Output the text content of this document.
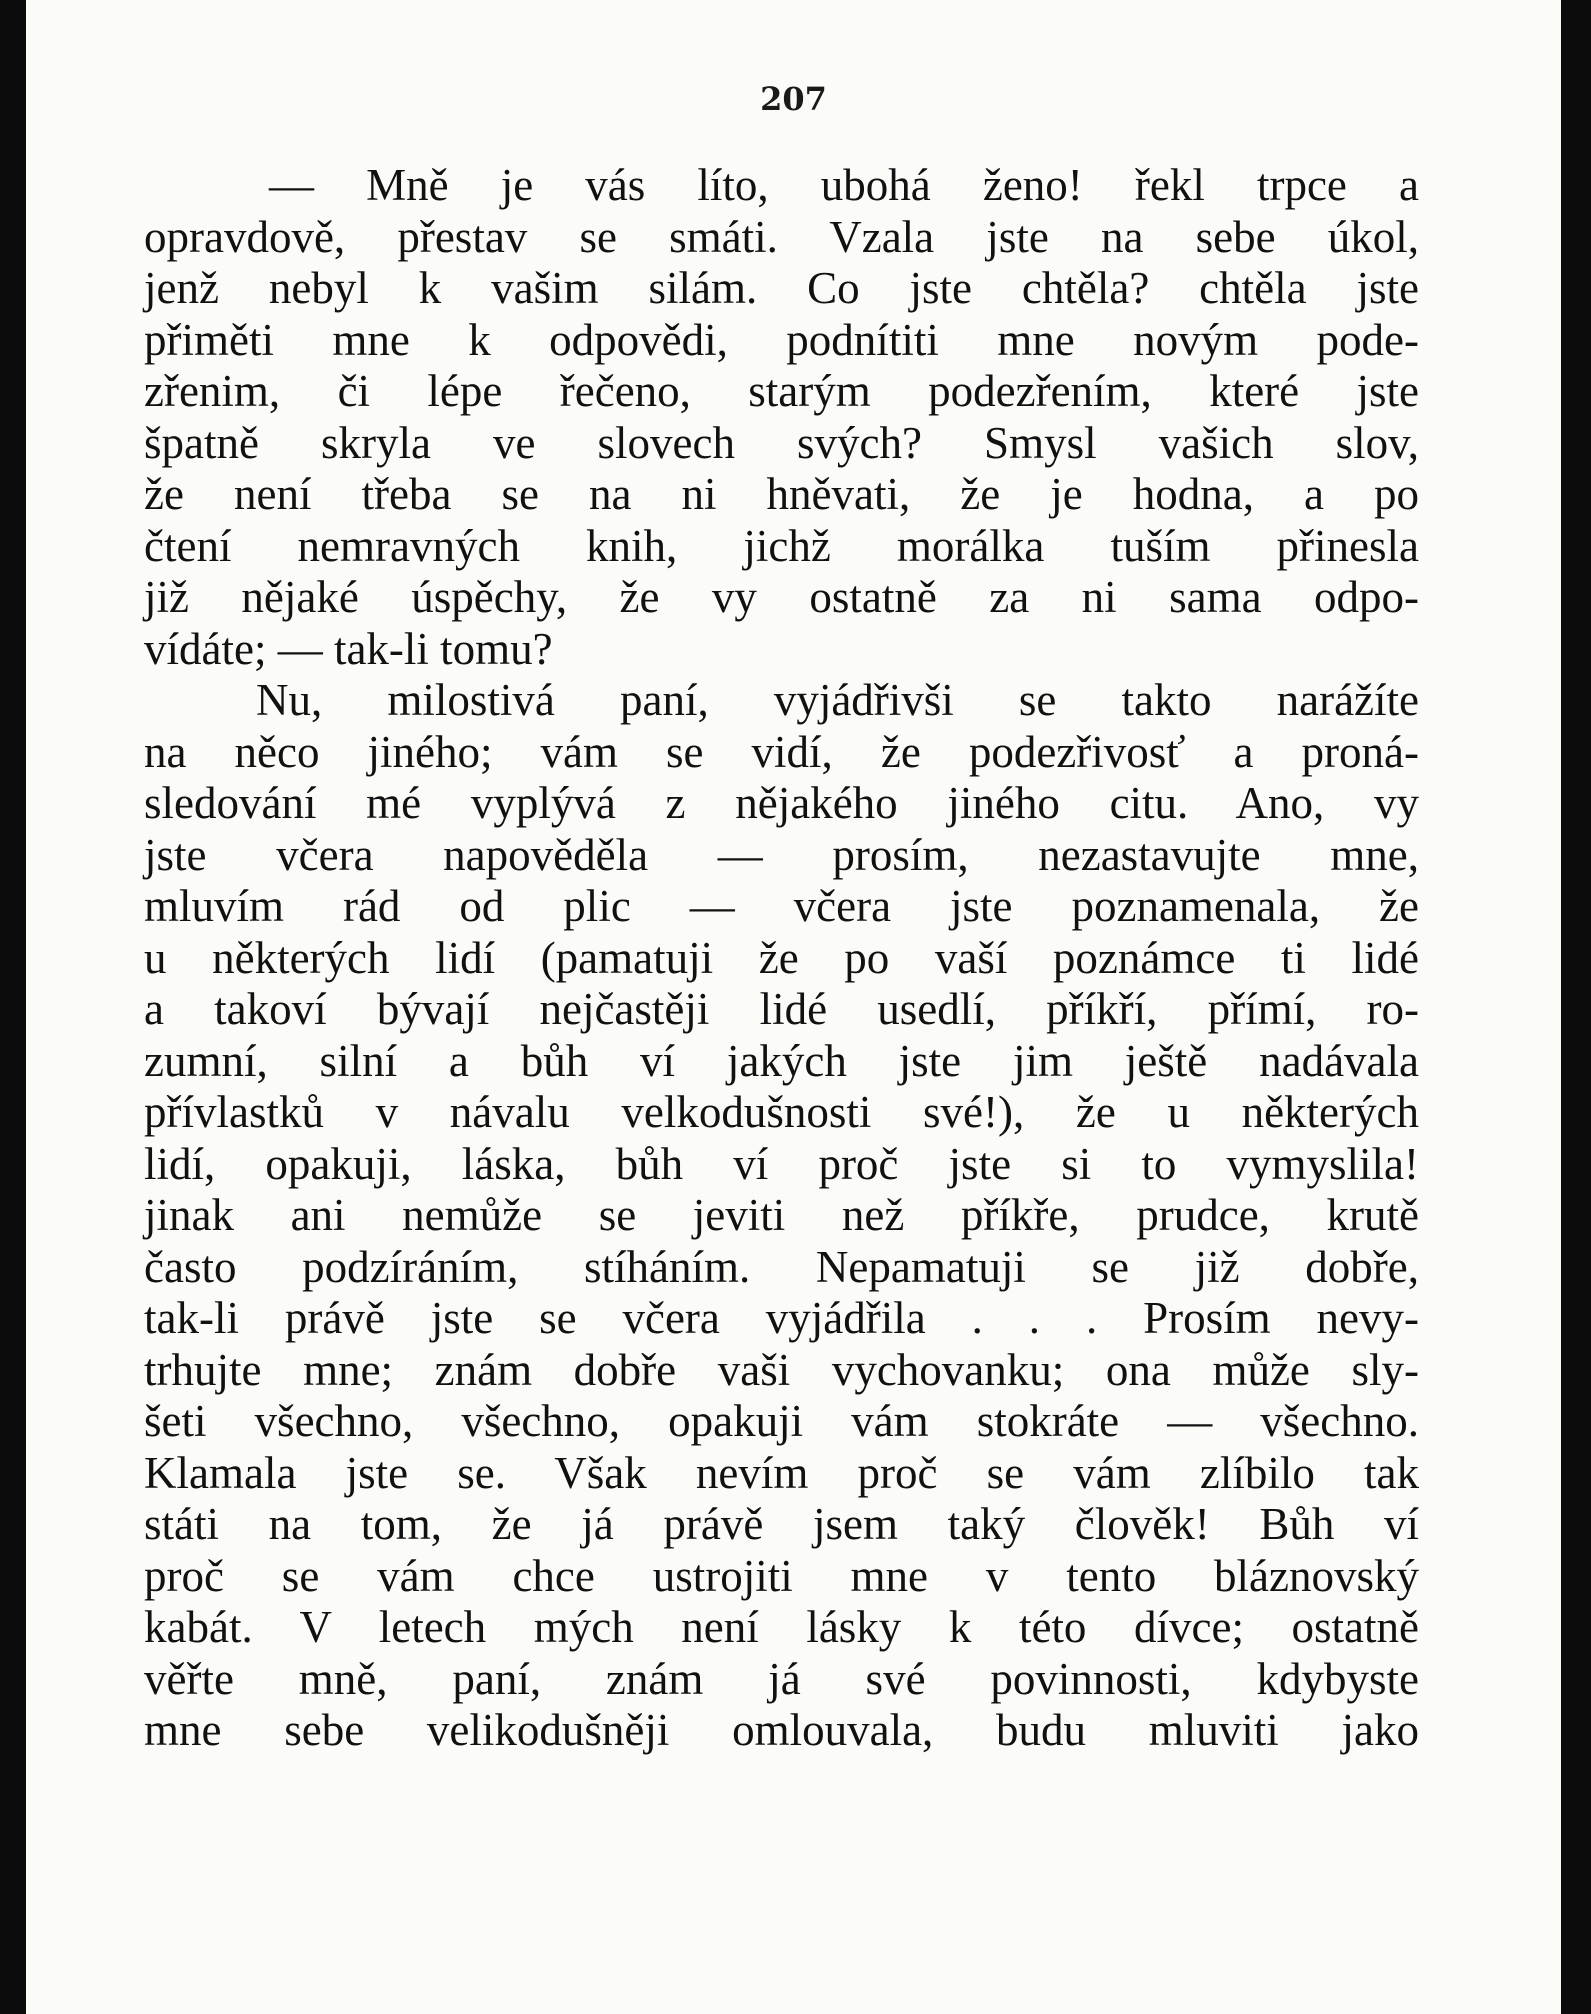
207
— Mně je vás líto, ubohá ženo! řekl trpce a
opravdově, přestav se smáti. Vzala jste na sebe úkol,
jenž nebyl k vašim silám. Co jste chtěla? chtěla jste
přiměti mne k odpovědi, podnítiti mne novým pode-
zřenim, či lépe řečeno, starým podezřením, které jste
špatně skryla ve slovech svých? Smysl vašich slov,
že není třeba se na ni hněvati, že je hodna, a po
čtení nemravných knih, jichž morálka tuším přinesla
již nějaké úspěchy, že vy ostatně za ni sama odpo-
vídáte; — tak-li tomu?
Nu, milostivá paní, vyjádřivši se takto narážíte
na něco jiného; vám se vidí, že podezřivosť a proná-
sledování mé vyplývá z nějakého jiného citu. Ano, vy
jste včera napověděla — prosím, nezastavujte mne,
mluvím rád od plic — včera jste poznamenala, že
u některých lidí (pamatuji že po vaší poznámce ti lidé
a takoví bývají nejčastěji lidé usedlí, příkří, přímí, ro-
zumní, silní a bůh ví jakých jste jim ještě nadávala
přívlastků v návalu velkodušnosti své!), že u některých
lidí, opakuji, láska, bůh ví proč jste si to vymyslila!
jinak ani nemůže se jeviti než příkře, prudce, krutě
často podzíráním, stíháním. Nepamatuji se již dobře,
tak-li právě jste se včera vyjádřila . . . Prosím nevy-
trhujte mne; znám dobře vaši vychovanku; ona může sly-
šeti všechno, všechno, opakuji vám stokráte — všechno.
Klamala jste se. Však nevím proč se vám zlíbilo tak
státi na tom, že já právě jsem taký člověk! Bůh ví
proč se vám chce ustrojiti mne v tento bláznovský
kabát. V letech mých není lásky k této dívce; ostatně
věřte mně, paní, znám já své povinnosti, kdybyste
mne sebe velikodušněji omlouvala, budu mluviti jako
